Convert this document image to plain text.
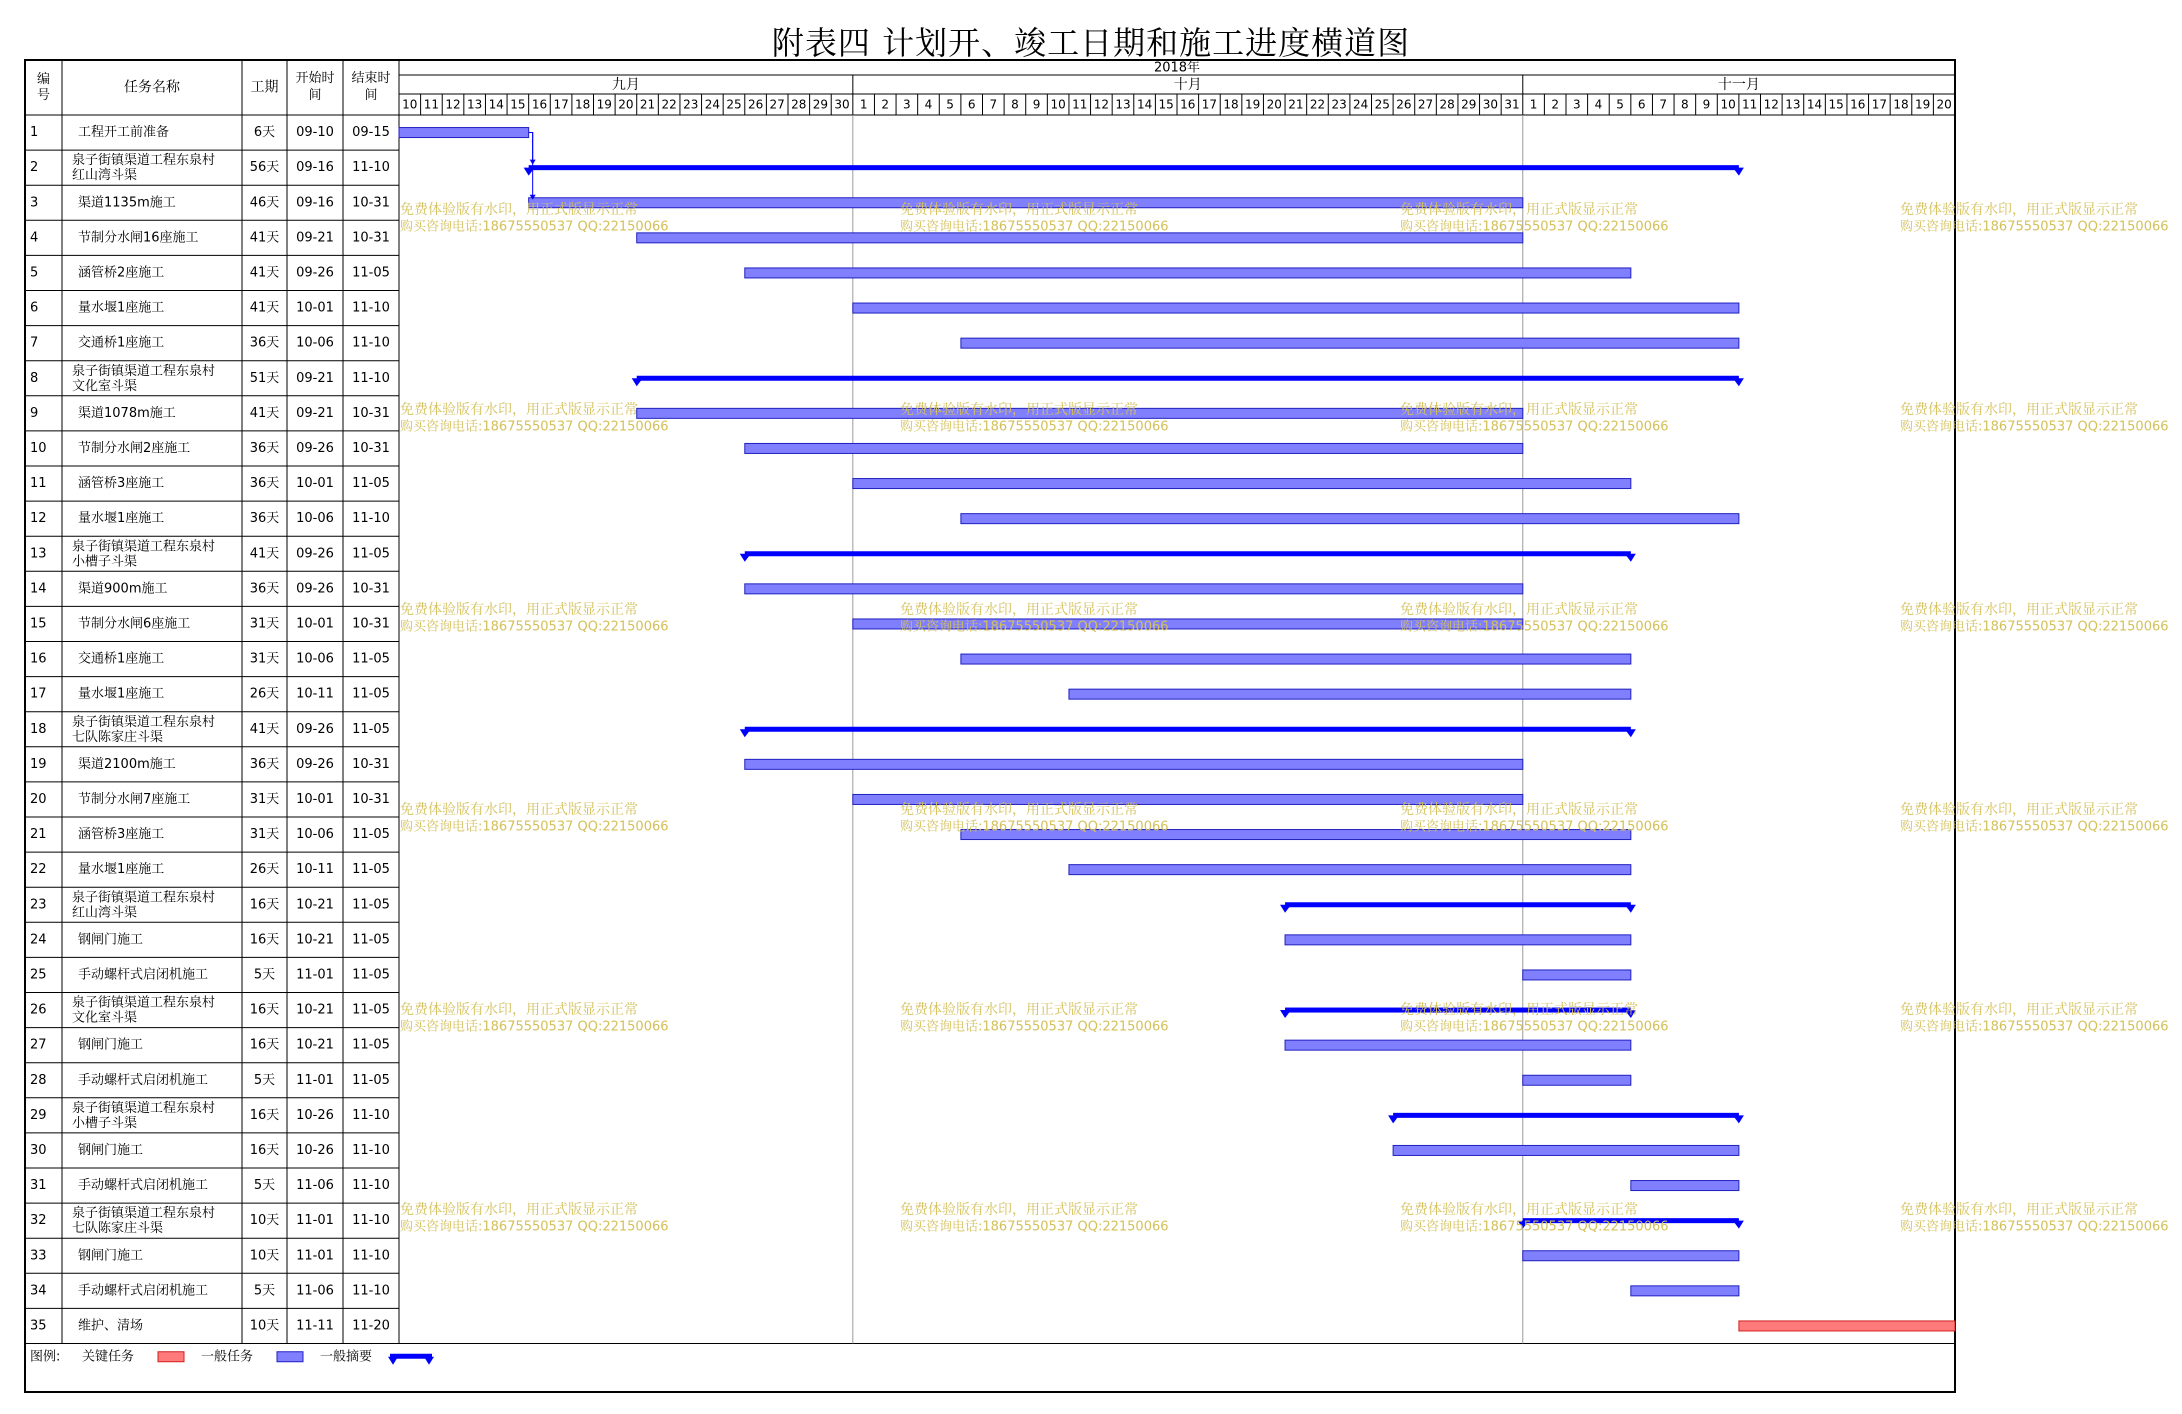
附表四 计划开、竣工日期和施工进度横道图
2018年
九月	十月	十一月
10 11 12 13 14 15 16 17 18 19 20 21 22 23 24 25 26 27 28 29 30 1 2 3 4 5 6 7 8 9 10 11 12 13 14 15 16 17 18 19 20 21 22 23 24 25 26 27 28 29 30 31 1 2 3 4 5 6 7 8 9 10 11 12 13 14 15 16 17 18 19 20
编
号	任务名称	工期
开始时
间
结束时
间
1	工程开工前准备	6天 09-10 09-15
2	泉子街镇渠道工程东泉村
红山湾斗渠
56天 09-16 11-10
3	渠道1135m施工	46天 09-16 10-31
4	节制分水闸16座施工	41天 09-21 10-31
5	涵管桥2座施工	41天 09-26 11-05
6	量水堰1座施工	41天 10-01 11-10
7	交通桥1座施工	36天 10-06 11-10
8	泉子街镇渠道工程东泉村
文化室斗渠
51天 09-21 11-10
9	渠道1078m施工	41天 09-21 10-31
10 节制分水闸2座施工	36天 09-26 10-31
11 涵管桥3座施工	36天 10-01 11-05
12 量水堰1座施工	36天 10-06 11-10
13 泉子街镇渠道工程东泉村
小槽子斗渠
41天 09-26 11-05
14 渠道900m施工	36天 09-26 10-31
15 节制分水闸6座施工	31天 10-01 10-31
16 交通桥1座施工	31天 10-06 11-05
17 量水堰1座施工	26天 10-11 11-05
18 泉子街镇渠道工程东泉村
七队陈家庄斗渠
41天 09-26 11-05
19 渠道2100m施工	36天 09-26 10-31
20 节制分水闸7座施工	31天 10-01 10-31
21 涵管桥3座施工	31天 10-06 11-05
22 量水堰1座施工	26天 10-11 11-05
23 泉子街镇渠道工程东泉村
红山湾斗渠
16天 10-21 11-05
24 钢闸门施工	16天 10-21 11-05
25 手动螺杆式启闭机施工	5天 11-01 11-05
26 泉子街镇渠道工程东泉村
文化室斗渠
16天 10-21 11-05
27 钢闸门施工	16天 10-21 11-05
28 手动螺杆式启闭机施工	5天 11-01 11-05
29 泉子街镇渠道工程东泉村
小槽子斗渠
16天 10-26 11-10
30 钢闸门施工	16天 10-26 11-10
31 手动螺杆式启闭机施工	5天 11-06 11-10
32 泉子街镇渠道工程东泉村
七队陈家庄斗渠
10天 11-01 11-10
33 钢闸门施工	10天 11-01 11-10
34 手动螺杆式启闭机施工	5天 11-06 11-10
35 维护、清场	10天 11-11 11-20
图例: 关键任务	一般任务	一般摘要
免费体验版有水印，用正式版显示正常
购买咨询电话:18675550537 QQ:22150066
免费体验版有水印，用正式版显示正常
购买咨询电话:18675550537 QQ:22150066
免费体验版有水印，用正式版显示正常
购买咨询电话:18675550537 QQ:22150066
免费体验版有水印，用正式版显示正常
购买咨询电话:18675550537 QQ:22150066
免费体验版有水印，用正式版显示正常
购买咨询电话:18675550537 QQ:22150066
免费体验版有水印，用正式版显示正常
购买咨询电话:18675550537 QQ:22150066
免费体验版有水印，用正式版显示正常
购买咨询电话:18675550537 QQ:22150066
免费体验版有水印，用正式版显示正常
购买咨询电话:18675550537 QQ:22150066
免费体验版有水印，用正式版显示正常
购买咨询电话:18675550537 QQ:22150066
免费体验版有水印，用正式版显示正常
购买咨询电话:18675550537 QQ:22150066
免费体验版有水印，用正式版显示正常
购买咨询电话:18675550537 QQ:22150066
免费体验版有水印，用正式版显示正常
购买咨询电话:18675550537 QQ:22150066
免费体验版有水印，用正式版显示正常
购买咨询电话:18675550537 QQ:22150066
免费体验版有水印，用正式版显示正常
购买咨询电话:18675550537 QQ:22150066
免费体验版有水印，用正式版显示正常
购买咨询电话:18675550537 QQ:22150066
免费体验版有水印，用正式版显示正常
购买咨询电话:18675550537 QQ:22150066
免费体验版有水印，用正式版显示正常
购买咨询电话:18675550537 QQ:22150066
免费体验版有水印，用正式版显示正常
购买咨询电话:18675550537 QQ:22150066
免费体验版有水印，用正式版显示正常
购买咨询电话:18675550537 QQ:22150066
免费体验版有水印，用正式版显示正常
购买咨询电话:18675550537 QQ:22150066
免费体验版有水印，用正式版显示正常
购买咨询电话:18675550537 QQ:22150066
免费体验版有水印，用正式版显示正常
购买咨询电话:18675550537 QQ:22150066
免费体验版有水印，用正式版显示正常
购买咨询电话:18675550537 QQ:22150066
免费体验版有水印，用正式版显示正常
购买咨询电话:18675550537 QQ:22150066
